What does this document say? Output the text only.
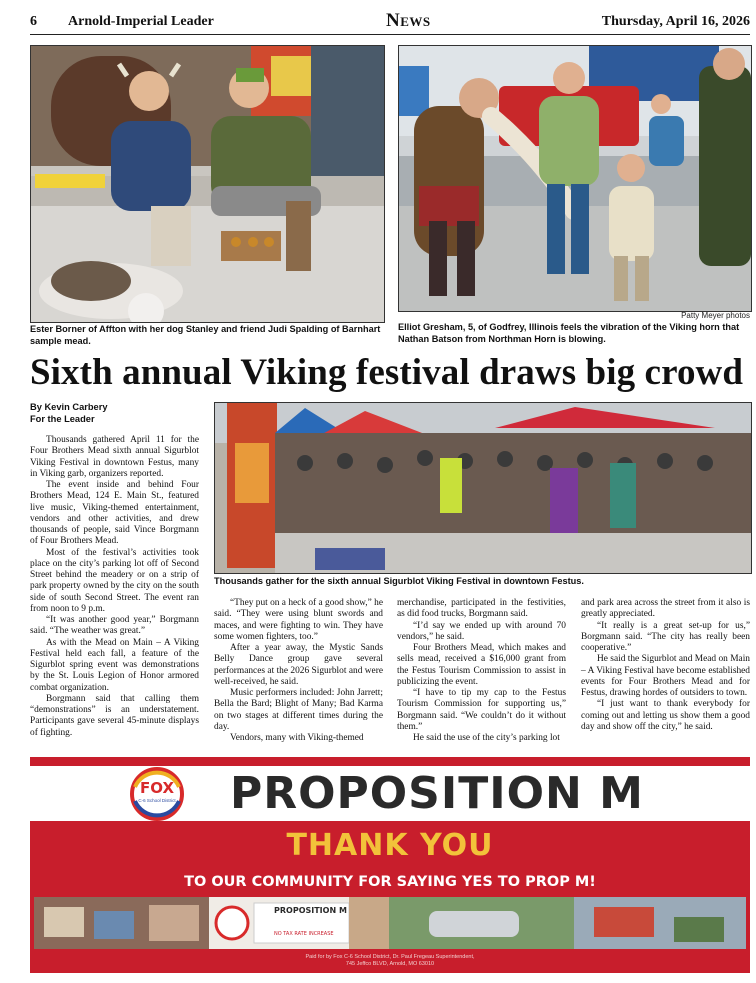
6 Arnold-Imperial Leader	News	Thursday, April 16, 2026
Ester Borner of Affton with her dog Stanley and friend Judi Spalding of Barnhart sample mead.
Patty Meyer photos
Elliot Gresham, 5, of Godfrey, Illinois feels the vibration of the Viking horn that Nathan Batson from Northman Horn is blowing.
Sixth annual Viking festival draws big crowd
By Kevin Carbery
For the Leader

Thousands gathered April 11 for the Four Brothers Mead sixth annual Sigurblot Viking Festival in downtown Festus, many in Viking garb, organizers reported.

The event inside and behind Four Brothers Mead, 124 E. Main St., featured live music, Viking-themed entertainment, vendors and other activities, and drew thousands of people, said Vince Borgmann of Four Brothers Mead.

Most of the festival’s activities took place on the city’s parking lot off of Second Street behind the meadery or on a strip of park property owned by the city on the south side of south Second Street. The event ran from noon to 9 p.m.

“It was another good year,” Borgmann said. “The weather was great.”

As with the Mead on Main – A Viking Festival held each fall, a feature of the Sigurblot spring event was demonstrations by the St. Louis Legion of Honor armored combat organization.

Borgmann said that calling them “demonstrations” is an understatement. Participants gave several 45-minute displays of fighting.

Thousands gather for the sixth annual Sigurblot Viking Festival in downtown Festus.

“They put on a heck of a good show,” he said. “They were using blunt swords and maces, and were fighting to win. They have some women fighters, too.”

After a year away, the Mystic Sands Belly Dance group gave several performances at the 2026 Sigurblot and were well-received, he said.

Music performers included: John Jarrett; Bella the Bard; Blight of Many; Bad Karma on two stages at different times during the day.

Vendors, many with Viking-themed

merchandise, participated in the festivities, as did food trucks, Borgmann said.

“I’d say we ended up with around 70 vendors,” he said.

Four Brothers Mead, which makes and sells mead, received a $16,000 grant from the Festus Tourism Commission to assist in publicizing the event.

“I have to tip my cap to the Festus Tourism Commission for supporting us,” Borgmann said. “We couldn’t do it without them.”

He said the use of the city’s parking lot

and park area across the street from it also is greatly appreciated.

“It really is a great set-up for us,” Borgmann said. “The city has really been cooperative.”

He said the Sigurblot and Mead on Main – A Viking Festival have become established events for Four Brothers Mead and for Festus, drawing hordes of outsiders to town.

“I just want to thank everybody for coming out and letting us show them a good day and show off the city,” he said.

FOX
C-6 School District PROPOSITION M
THANK YOU
TO OUR COMMUNITY FOR SAYING YES TO PROP M!
PROPOSITION M
NO TAX RATE INCREASE
Paid for by Fox C-6 School District, Dr. Paul Fregeau Superintendent,
745 Jeffco BLVD, Arnold, MO 63010
